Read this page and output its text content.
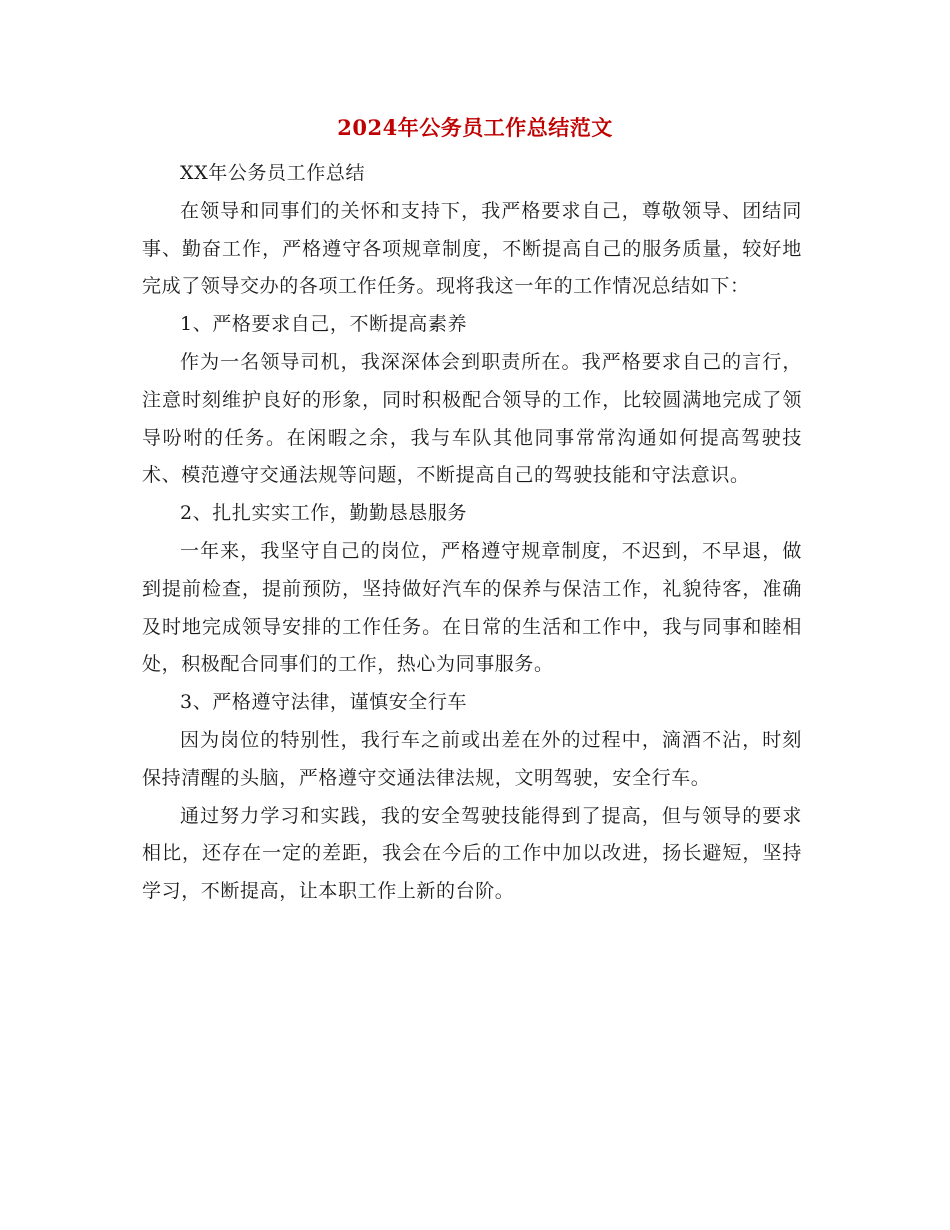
2024年公务员工作总结范文

XX年公务员工作总结

在领导和同事们的关怀和支持下，我严格要求自己，尊敬领导、团结同事、勤奋工作，严格遵守各项规章制度，不断提高自己的服务质量，较好地完成了领导交办的各项工作任务。现将我这一年的工作情况总结如下：

1、严格要求自己，不断提高素养

作为一名领导司机，我深深体会到职责所在。我严格要求自己的言行，注意时刻维护良好的形象，同时积极配合领导的工作，比较圆满地完成了领导吩咐的任务。在闲暇之余，我与车队其他同事常常沟通如何提高驾驶技术、模范遵守交通法规等问题，不断提高自己的驾驶技能和守法意识。

2、扎扎实实工作，勤勤恳恳服务

一年来，我坚守自己的岗位，严格遵守规章制度，不迟到，不早退，做到提前检查，提前预防，坚持做好汽车的保养与保洁工作，礼貌待客，准确及时地完成领导安排的工作任务。在日常的生活和工作中，我与同事和睦相处，积极配合同事们的工作，热心为同事服务。

3、严格遵守法律，谨慎安全行车

因为岗位的特别性，我行车之前或出差在外的过程中，滴酒不沾，时刻保持清醒的头脑，严格遵守交通法律法规，文明驾驶，安全行车。

通过努力学习和实践，我的安全驾驶技能得到了提高，但与领导的要求相比，还存在一定的差距，我会在今后的工作中加以改进，扬长避短，坚持学习，不断提高，让本职工作上新的台阶。
